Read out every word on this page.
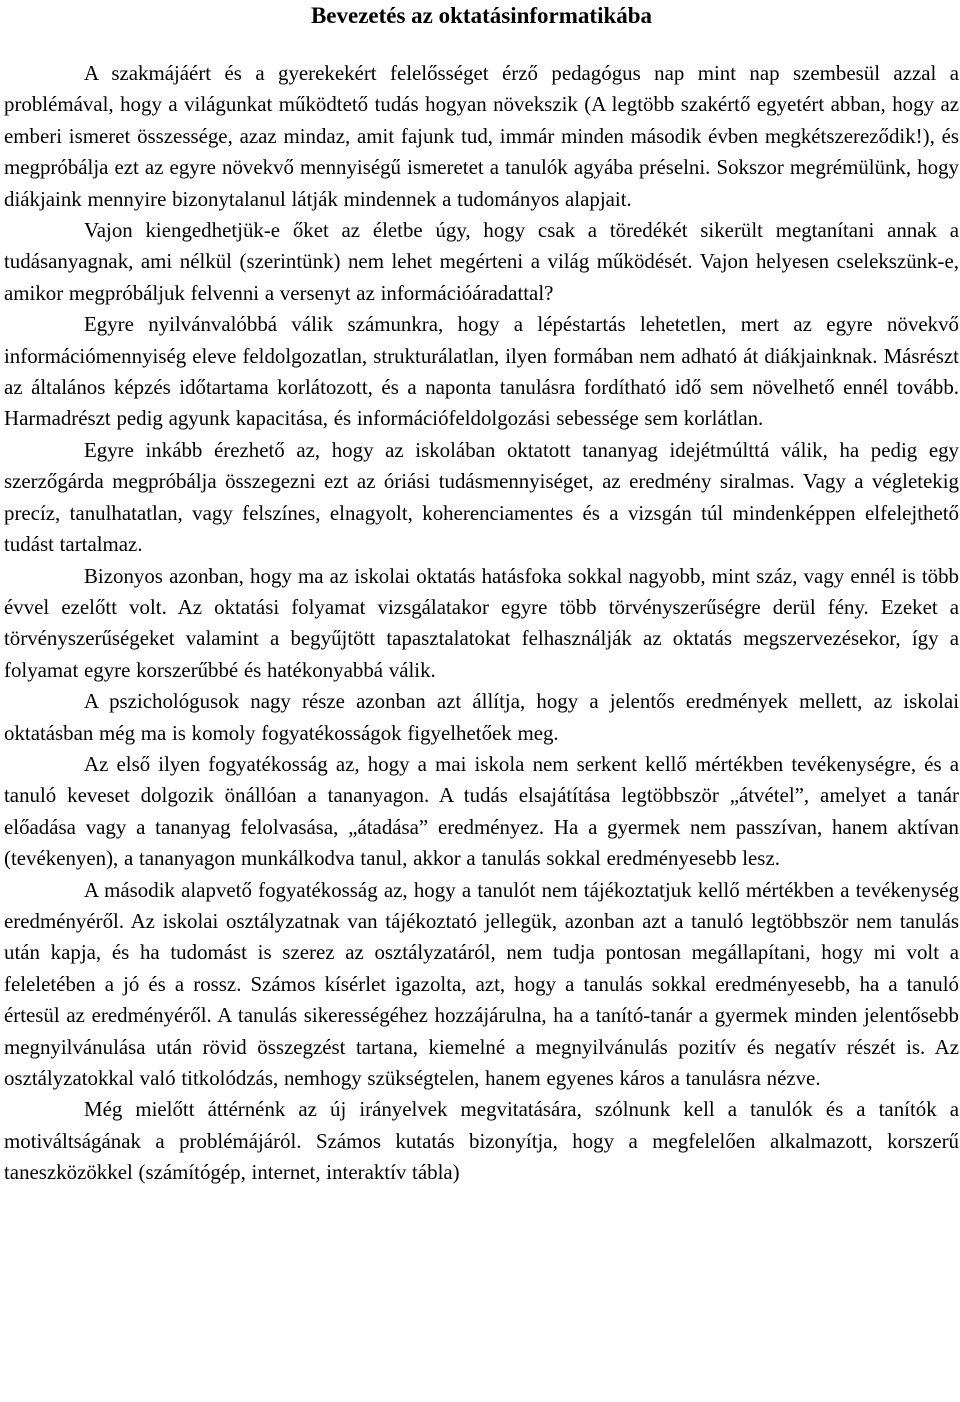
Bevezetés az oktatásinformatikába

A szakmájáért és a gyerekekért felelősséget érző pedagógus nap mint nap szembesül azzal a problémával, hogy a világunkat működtető tudás hogyan növekszik (A legtöbb szakértő egyetért abban, hogy az emberi ismeret összessége, azaz mindaz, amit fajunk tud, immár minden második évben megkétszereződik!), és megpróbálja ezt az egyre növekvő mennyiségű ismeretet a tanulók agyába préselni. Sokszor megrémülünk, hogy diákjaink mennyire bizonytalanul látják mindennek a tudományos alapjait.

Vajon kiengedhetjük-e őket az életbe úgy, hogy csak a töredékét sikerült megtanítani annak a tudásanyagnak, ami nélkül (szerintünk) nem lehet megérteni a világ működését. Vajon helyesen cselekszünk-e, amikor megpróbáljuk felvenni a versenyt az információáradattal?

Egyre nyilvánvalóbbá válik számunkra, hogy a lépéstartás lehetetlen, mert az egyre növekvő információmennyiség eleve feldolgozatlan, strukturálatlan, ilyen formában nem adható át diákjainknak. Másrészt az általános képzés időtartama korlátozott, és a naponta tanulásra fordítható idő sem növelhető ennél tovább. Harmadrészt pedig agyunk kapacitása, és információfeldolgozási sebessége sem korlátlan.

Egyre inkább érezhető az, hogy az iskolában oktatott tananyag idejétmúlttá válik, ha pedig egy szerzőgárda megpróbálja összegezni ezt az óriási tudásmennyiséget, az eredmény siralmas. Vagy a végletekig precíz, tanulhatatlan, vagy felszínes, elnagyolt, koherenciamentes és a vizsgán túl mindenképpen elfelejthető tudást tartalmaz.

Bizonyos azonban, hogy ma az iskolai oktatás hatásfoka sokkal nagyobb, mint száz, vagy ennél is több évvel ezelőtt volt. Az oktatási folyamat vizsgálatakor egyre több törvényszerűségre derül fény. Ezeket a törvényszerűségeket valamint a begyűjtött tapasztalatokat felhasználják az oktatás megszervezésekor, így a folyamat egyre korszerűbbé és hatékonyabbá válik.

A pszichológusok nagy része azonban azt állítja, hogy a jelentős eredmények mellett, az iskolai oktatásban még ma is komoly fogyatékosságok figyelhetőek meg.

Az első ilyen fogyatékosság az, hogy a mai iskola nem serkent kellő mértékben tevékenységre, és a tanuló keveset dolgozik önállóan a tananyagon. A tudás elsajátítása legtöbbször „átvétel”, amelyet a tanár előadása vagy a tananyag felolvasása, „átadása” eredményez. Ha a gyermek nem passzívan, hanem aktívan (tevékenyen), a tananyagon munkálkodva tanul, akkor a tanulás sokkal eredményesebb lesz.

A második alapvető fogyatékosság az, hogy a tanulót nem tájékoztatjuk kellő mértékben a tevékenység eredményéről. Az iskolai osztályzatnak van tájékoztató jellegük, azonban azt a tanuló legtöbbször nem tanulás után kapja, és ha tudomást is szerez az osztályzatáról, nem tudja pontosan megállapítani, hogy mi volt a feleletében a jó és a rossz. Számos kísérlet igazolta, azt, hogy a tanulás sokkal eredményesebb, ha a tanuló értesül az eredményéről. A tanulás sikerességéhez hozzájárulna, ha a tanító-tanár a gyermek minden jelentősebb megnyilvánulása után rövid összegzést tartana, kiemelné a megnyilvánulás pozitív és negatív részét is. Az osztályzatokkal való titkolódzás, nemhogy szükségtelen, hanem egyenes káros a tanulásra nézve.

Még mielőtt áttérnénk az új irányelvek megvitatására, szólnunk kell a tanulók és a tanítók a motiváltságának a problémájáról. Számos kutatás bizonyítja, hogy a megfelelően alkalmazott, korszerű taneszközökkel (számítógép, internet, interaktív tábla)
